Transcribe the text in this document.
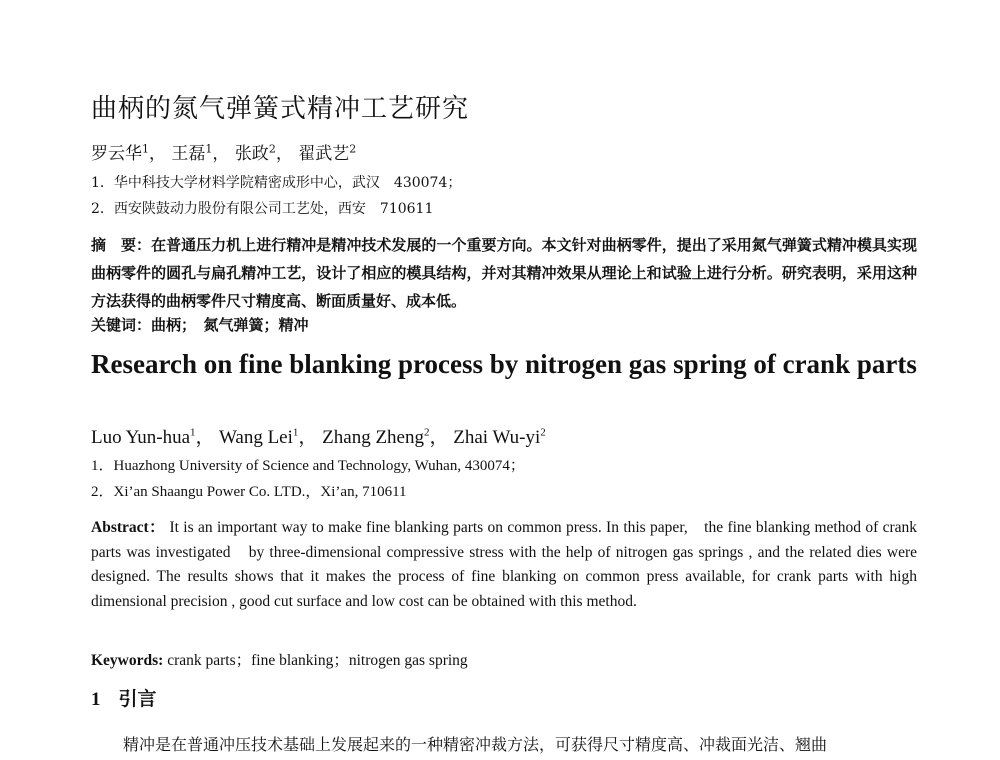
曲柄的氮气弹簧式精冲工艺研究
罗云华$^1$， 王磊$^1$， 张政$^2$， 翟武艺$^2$
1．华中科技大学材料学院精密成形中心，武汉　430074；
2．西安陕鼓动力股份有限公司工艺处，西安　710611
摘　要：在普通压力机上进行精冲是精冲技术发展的一个重要方向。本文针对曲柄零件，提出了采用氮气弹簧式精冲模具实现曲柄零件的圆孔与扁孔精冲工艺，设计了相应的模具结构，并对其精冲效果从理论上和试验上进行分析。研究表明，采用这种方法获得的曲柄零件尺寸精度高、断面质量好、成本低。
关键词：曲柄；　氮气弹簧；精冲
Research on fine blanking process by nitrogen gas spring of crank parts
Luo Yun-hua$^1$， Wang Lei$^1$， Zhang Zheng$^2$， Zhai $Wu-yi^2$
1．Huazhong University of Science and Technology, Wuhan, 430074；
2．Xi’an Shaangu Power Co. LTD.，Xi’an, 710611
Abstract： It is an important way to make fine blanking parts on common press. In this paper,　the fine blanking method of crank parts was investigated　by three-dimensional compressive stress with the help of nitrogen gas springs , and the related dies were designed. The results shows that it makes the process of fine blanking on common press available, for crank parts with high dimensional precision , good cut surface and low cost can be obtained with this method.
Keywords: crank parts；fine blanking；nitrogen gas spring
1 引言
精冲是在普通冲压技术基础上发展起来的一种精密冲裁方法，可获得尺寸精度高、冲裁面光洁、翘曲
